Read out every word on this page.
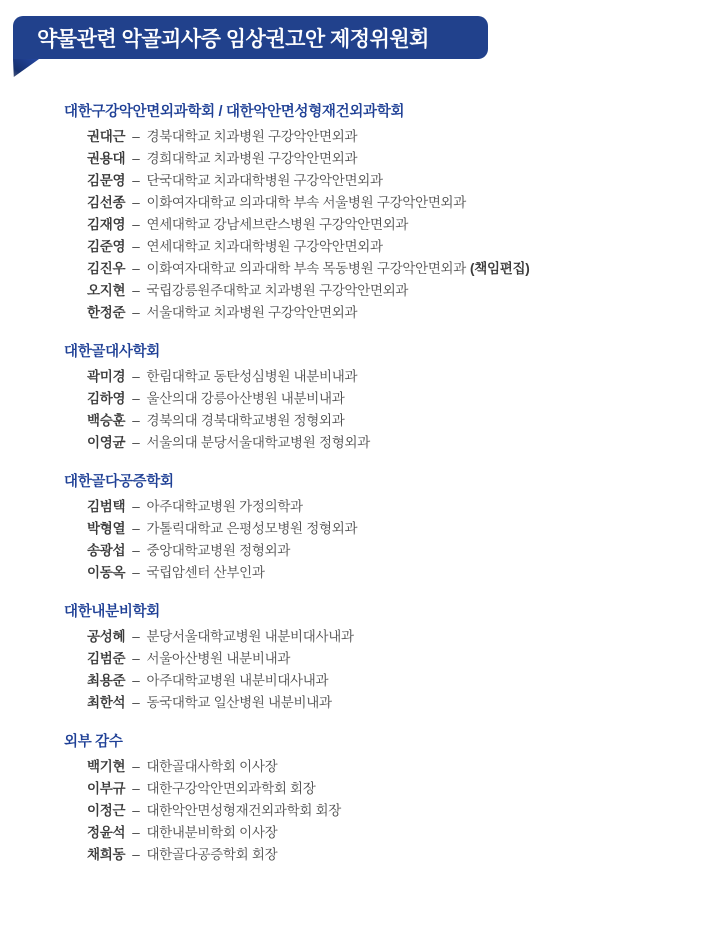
약물관련 악골괴사증 임상권고안 제정위원회
대한구강악안면외과학회 / 대한악안면성형재건외과학회
권대근 – 경북대학교 치과병원 구강악안면외과
권용대 – 경희대학교 치과병원 구강악안면외과
김문영 – 단국대학교 치과대학병원 구강악안면외과
김선종 – 이화여자대학교 의과대학 부속 서울병원 구강악안면외과
김재영 – 연세대학교 강남세브란스병원 구강악안면외과
김준영 – 연세대학교 치과대학병원 구강악안면외과
김진우 – 이화여자대학교 의과대학 부속 목동병원 구강악안면외과 (책임편집)
오지현 – 국립강릉원주대학교 치과병원 구강악안면외과
한정준 – 서울대학교 치과병원 구강악안면외과
대한골대사학회
곽미경 – 한림대학교 동탄성심병원 내분비내과
김하영 – 울산의대 강릉아산병원 내분비내과
백승훈 – 경북의대 경북대학교병원 정형외과
이영균 – 서울의대 분당서울대학교병원 정형외과
대한골다공증학회
김범택 – 아주대학교병원 가정의학과
박형열 – 가톨릭대학교 은평성모병원 정형외과
송광섭 – 중앙대학교병원 정형외과
이동옥 – 국립암센터 산부인과
대한내분비학회
공성혜 – 분당서울대학교병원 내분비대사내과
김범준 – 서울아산병원 내분비내과
최용준 – 아주대학교병원 내분비대사내과
최한석 – 동국대학교 일산병원 내분비내과
외부 감수
백기현 – 대한골대사학회 이사장
이부규 – 대한구강악안면외과학회 회장
이정근 – 대한악안면성형재건외과학회 회장
정윤석 – 대한내분비학회 이사장
채희동 – 대한골다공증학회 회장
